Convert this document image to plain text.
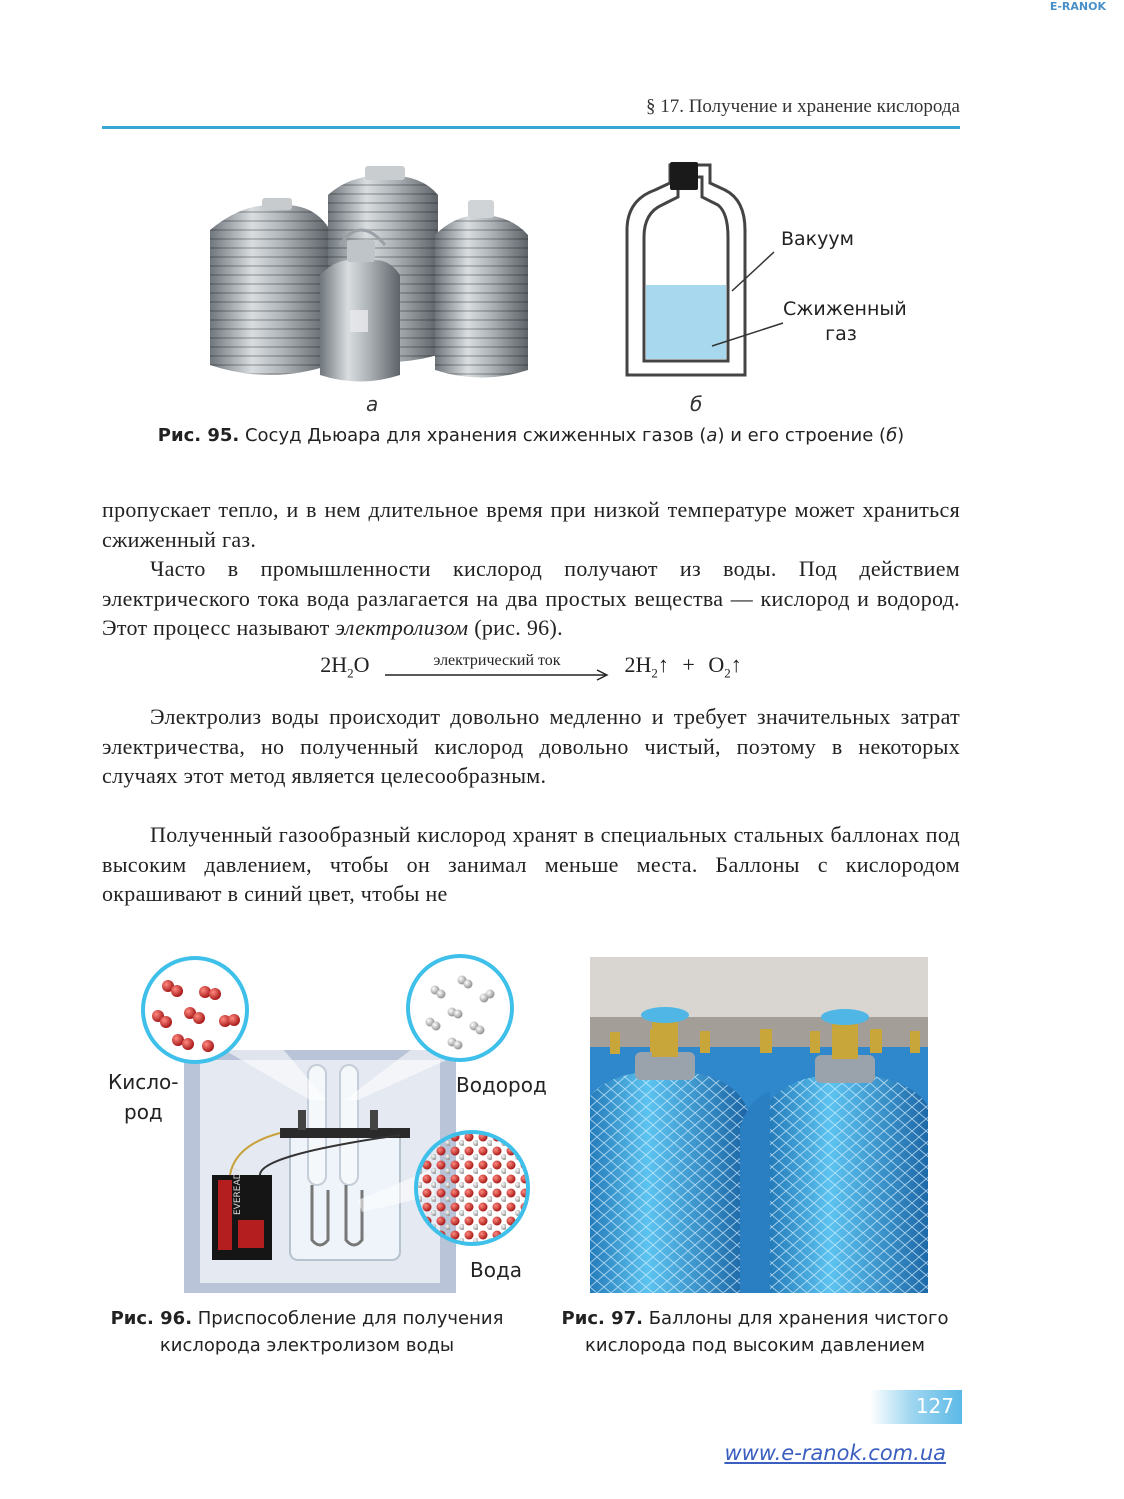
E-RANOK
§ 17. Получение и хранение кислорода
а
Вакуум
Сжиженный
газ
б
Рис. 95. Сосуд Дьюара для хранения сжиженных газов (а) и его строение (б)
пропускает тепло, и в нем длительное время при низкой температуре может храниться сжиженный газ.
Часто в промышленности кислород получают из воды. Под действием электрического тока вода разлагается на два простых вещества — кислород и водород. Этот процесс называют электролизом (рис. 96).
$2H_2O$	электрический ток	$2H_2↑$ + $O_2↑$
Электролиз воды происходит довольно медленно и требует значительных затрат электричества, но полученный кислород довольно чистый, поэтому в некоторых случаях этот метод является целесообразным.
Полученный газообразный кислород хранят в специальных стальных баллонах под высоким давлением, чтобы он занимал меньше места. Баллоны с кислородом окрашивают в синий цвет, чтобы не
EVEREADY
Кисло-
род
Водород
Вода
Рис. 96. Приспособление для получения
кислорода электролизом воды
Рис. 97. Баллоны для хранения чистого
кислорода под высоким давлением
127
www.e-ranok.com.ua
